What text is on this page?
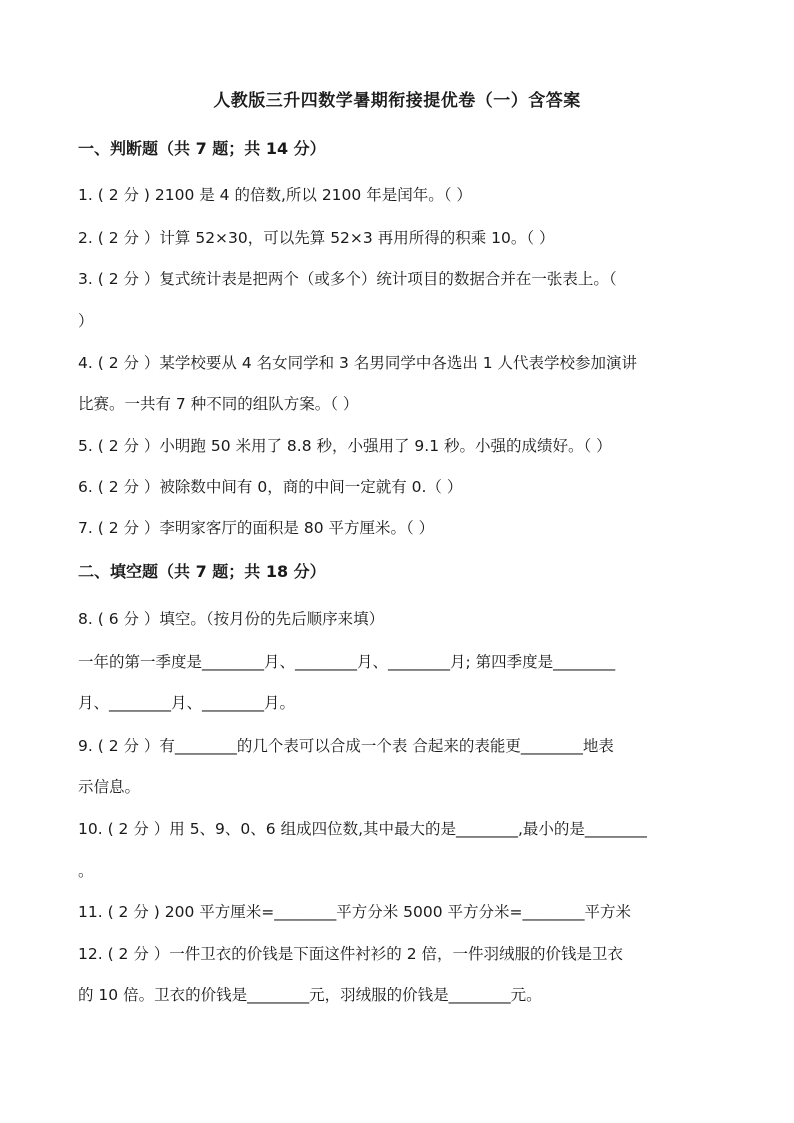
人教版三升四数学暑期衔接提优卷（一）含答案
一、判断题（共 7 题；共 14 分）
1. ( 2 分 ) 2100 是 4 的倍数,所以 2100 年是闰年。（ ）
2. ( 2 分 ）计算 52×30，可以先算 52×3 再用所得的积乘 10。（ ）
3. ( 2 分 ）复式统计表是把两个（或多个）统计项目的数据合并在一张表上。（
）
4. ( 2 分 ）某学校要从 4 名女同学和 3 名男同学中各选出 1 人代表学校参加演讲
比赛。一共有 7 种不同的组队方案。（ ）
5. ( 2 分 ）小明跑 50 米用了 8.8 秒，小强用了 9.1 秒。小强的成绩好。（ ）
6. ( 2 分 ）被除数中间有 0，商的中间一定就有 0.（ ）
7. ( 2 分 ）李明家客厅的面积是 80 平方厘米。（ ）
二、填空题（共 7 题；共 18 分）
8. ( 6 分 ）填空。（按月份的先后顺序来填）
一年的第一季度是________月、________月、________月; 第四季度是________
月、________月、________月。
9. ( 2 分 ）有________的几个表可以合成一个表 合起来的表能更________地表
示信息。
10. ( 2 分 ）用 5、9、0、6 组成四位数,其中最大的是________,最小的是________
。
11. ( 2 分 ) 200 平方厘米=________平方分米 5000 平方分米=________平方米
12. ( 2 分 ）一件卫衣的价钱是下面这件衬衫的 2 倍，一件羽绒服的价钱是卫衣
的 10 倍。卫衣的价钱是________元，羽绒服的价钱是________元。
